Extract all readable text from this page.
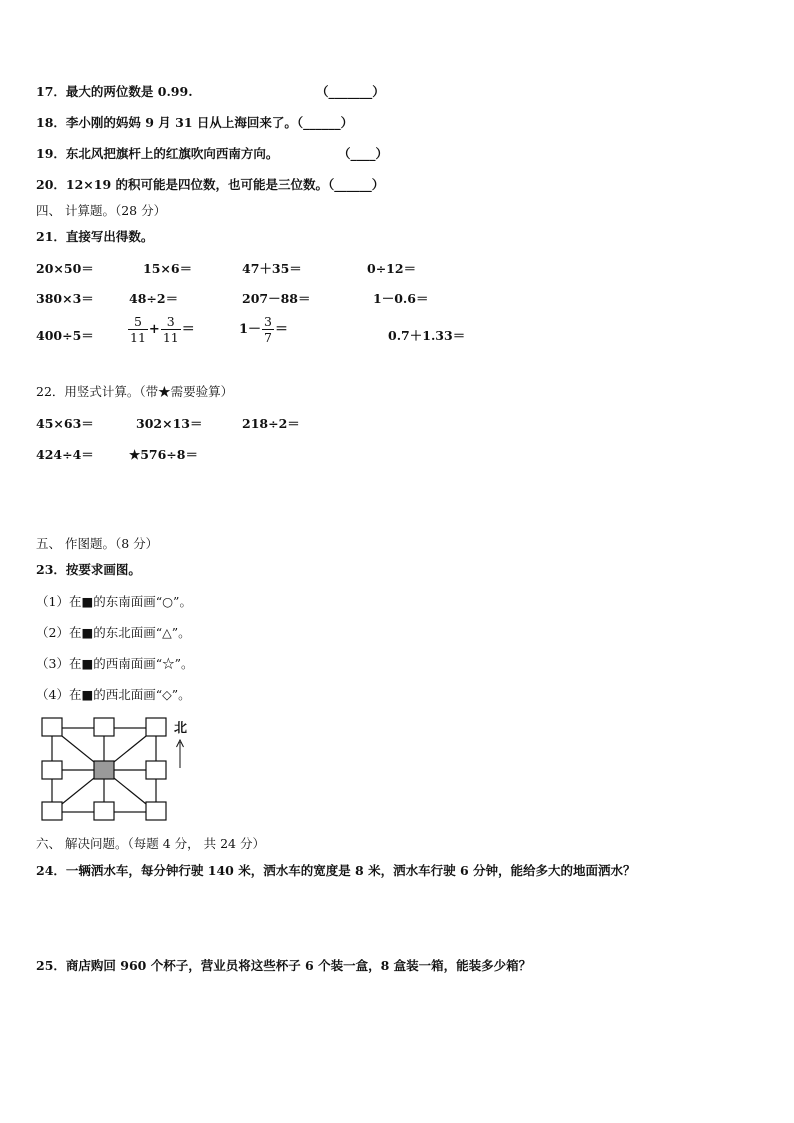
17．最大的两位数是 0.99.	（_______）
18．李小刚的妈妈 9 月 31 日从上海回来了。（______）
19．东北风把旗杆上的红旗吹向西南方向。	（____）
20．12×19 的积可能是四位数，也可能是三位数。（______）
四、 计算题。（28 分）
21．直接写出得数。
20×50＝	15×6＝	47＋35＝	0÷12＝
380×3＝	48÷2＝	207－88＝	1－0.6＝
400÷5＝	$\frac{5}{11} + \frac{3}{11}$ ＝	$1- \frac{3}{7}$ ＝	0.7＋1.33＝
22．用竖式计算。（带★需要验算）
45×63＝	302×13＝	218÷2＝
424÷4＝	★576÷8＝
五、 作图题。（8 分）
23．按要求画图。
（1）在■的东南面画“○”。
（2）在■的东北面画“△”。
（3）在■的西南面画“☆”。
（4）在■的西北面画“◇”。
北
六、 解决问题。（每题 4 分， 共 24 分）
24．一辆洒水车，每分钟行驶 140 米，洒水车的宽度是 8 米，洒水车行驶 6 分钟，能给多大的地面洒水？
25．商店购回 960 个杯子，营业员将这些杯子 6 个装一盒，8 盒装一箱，能装多少箱？
